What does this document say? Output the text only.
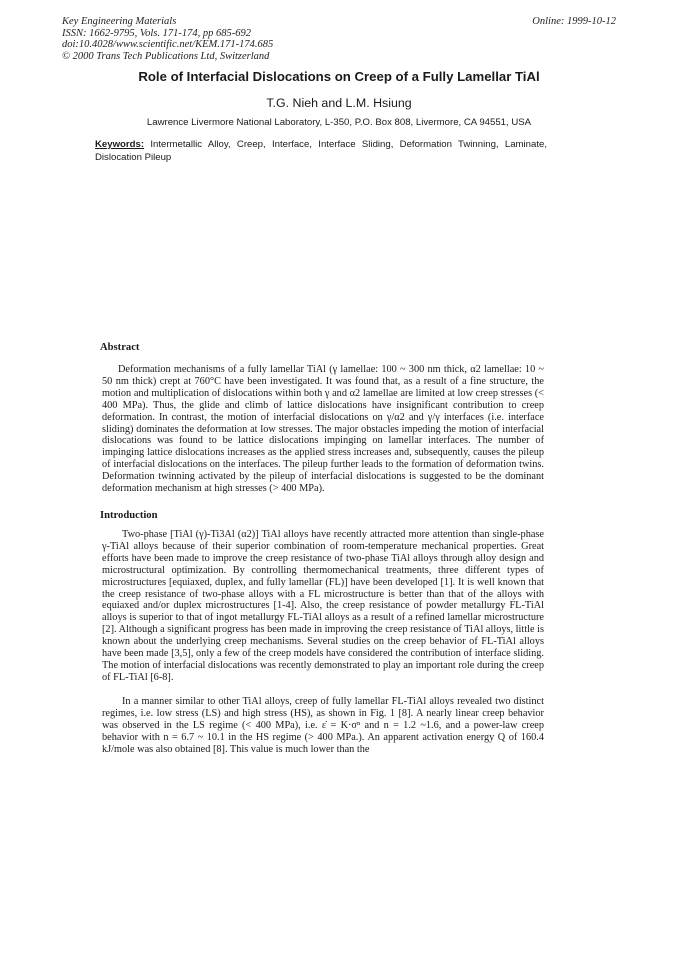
Key Engineering Materials
ISSN: 1662-9795, Vols. 171-174, pp 685-692
doi:10.4028/www.scientific.net/KEM.171-174.685
© 2000 Trans Tech Publications Ltd, Switzerland
Online: 1999-10-12
Role of Interfacial Dislocations on Creep of a Fully Lamellar TiAl
T.G. Nieh and L.M. Hsiung
Lawrence Livermore National Laboratory, L-350, P.O. Box 808, Livermore, CA 94551, USA
Keywords: Intermetallic Alloy, Creep, Interface, Interface Sliding, Deformation Twinning, Laminate, Dislocation Pileup
Abstract

Deformation mechanisms of a fully lamellar TiAl (γ lamellae: 100 ~ 300 nm thick, α2 lamellae: 10 ~ 50 nm thick) crept at 760°C have been investigated. It was found that, as a result of a fine structure, the motion and multiplication of dislocations within both γ and α2 lamellae are limited at low creep stresses (< 400 MPa). Thus, the glide and climb of lattice dislocations have insignificant contribution to creep deformation. In contrast, the motion of interfacial dislocations on γ/α2 and γ/γ interfaces (i.e. interface sliding) dominates the deformation at low stresses. The major obstacles impeding the motion of interfacial dislocations was found to be lattice dislocations impinging on lamellar interfaces. The number of impinging lattice dislocations increases as the applied stress increases and, subsequently, causes the pileup of interfacial dislocations on the interfaces. The pileup further leads to the formation of deformation twins. Deformation twinning activated by the pileup of interfacial dislocations is suggested to be the dominant deformation mechanism at high stresses (> 400 MPa).

Introduction

Two-phase [TiAl (γ)-Ti3Al (α2)] TiAl alloys have recently attracted more attention than single-phase γ-TiAl alloys because of their superior combination of room-temperature mechanical properties. Great efforts have been made to improve the creep resistance of two-phase TiAl alloys through alloy design and microstructural optimization. By controlling thermomechanical treatments, three different types of microstructures [equiaxed, duplex, and fully lamellar (FL)] have been developed [1]. It is well known that the creep resistance of two-phase alloys with a FL microstructure is better than that of the alloys with equiaxed and/or duplex microstructures [1-4]. Also, the creep resistance of powder metallurgy FL-TiAl alloys is superior to that of ingot metallurgy FL-TiAl alloys as a result of a refined lamellar microstructure [2]. Although a significant progress has been made in improving the creep resistance of TiAl alloys, little is known about the underlying creep mechanisms. Several studies on the creep behavior of FL-TiAl alloys have been made [3,5], only a few of the creep models have considered the contribution of interface sliding. The motion of interfacial dislocations was recently demonstrated to play an important role during the creep of FL-TiAl [6-8].

In a manner similar to other TiAl alloys, creep of fully lamellar FL-TiAl alloys revealed two distinct regimes, i.e. low stress (LS) and high stress (HS), as shown in Fig. 1 [8]. A nearly linear creep behavior was observed in the LS regime (< 400 MPa), i.e. ε̇ = K·σⁿ and n = 1.2 ~1.6, and a power-law creep behavior with n = 6.7 ~ 10.1 in the HS regime (> 400 MPa.). An apparent activation energy Q of 160.4 kJ/mole was also obtained [8]. This value is much lower than the
